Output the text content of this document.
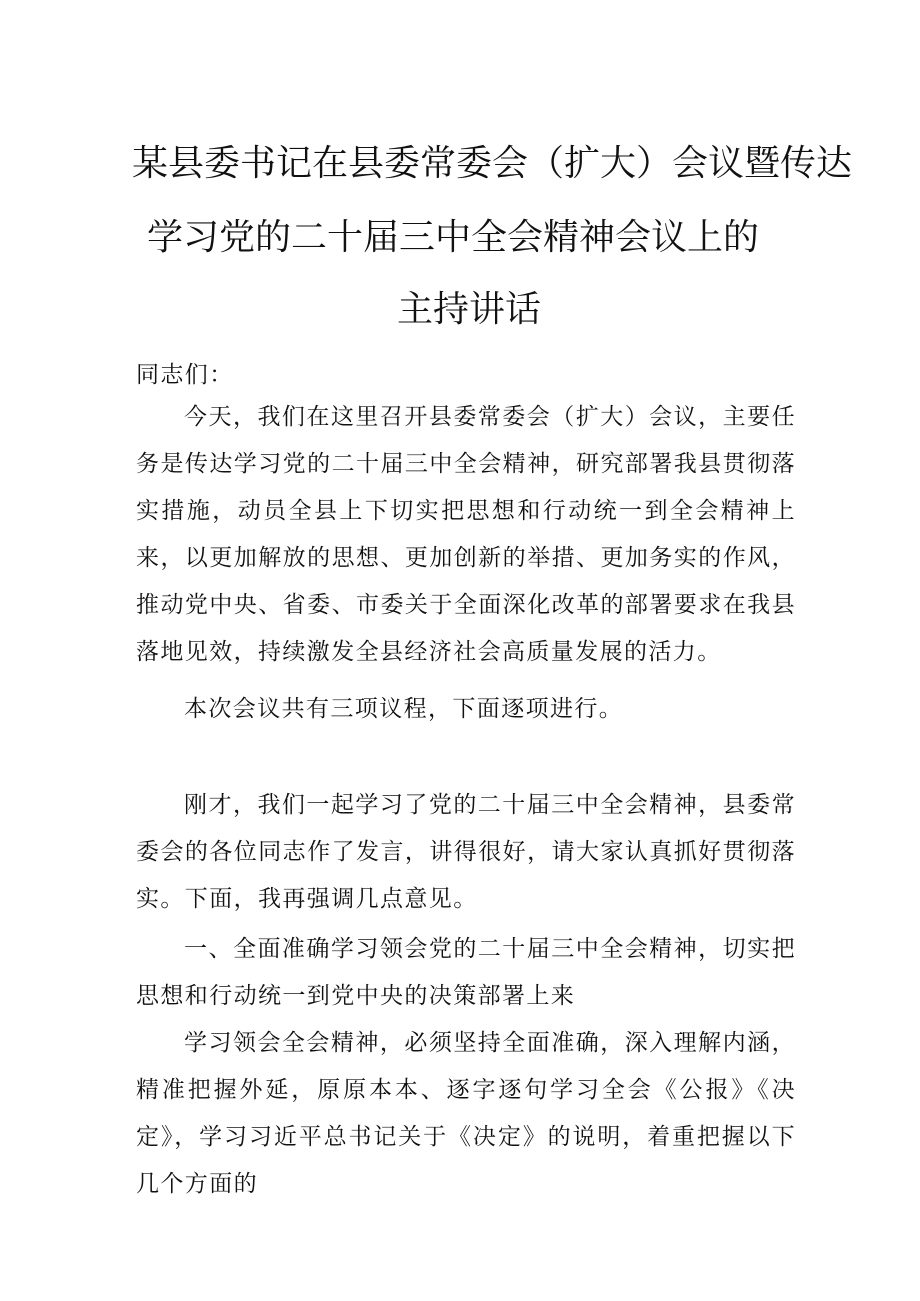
某县委书记在县委常委会（扩大）会议暨传达
学习党的二十届三中全会精神会议上的
主持讲话
同志们：

今天，我们在这里召开县委常委会（扩大）会议，主要任务是传达学习党的二十届三中全会精神，研究部署我县贯彻落实措施，动员全县上下切实把思想和行动统一到全会精神上来，以更加解放的思想、更加创新的举措、更加务实的作风，推动党中央、省委、市委关于全面深化改革的部署要求在我县落地见效，持续激发全县经济社会高质量发展的活力。

本次会议共有三项议程，下面逐项进行。

刚才，我们一起学习了党的二十届三中全会精神，县委常委会的各位同志作了发言，讲得很好，请大家认真抓好贯彻落实。下面，我再强调几点意见。

一、全面准确学习领会党的二十届三中全会精神，切实把思想和行动统一到党中央的决策部署上来

学习领会全会精神，必须坚持全面准确，深入理解内涵，精准把握外延，原原本本、逐字逐句学习全会《公报》《决定》，学习习近平总书记关于《决定》的说明，着重把握以下几个方面的
